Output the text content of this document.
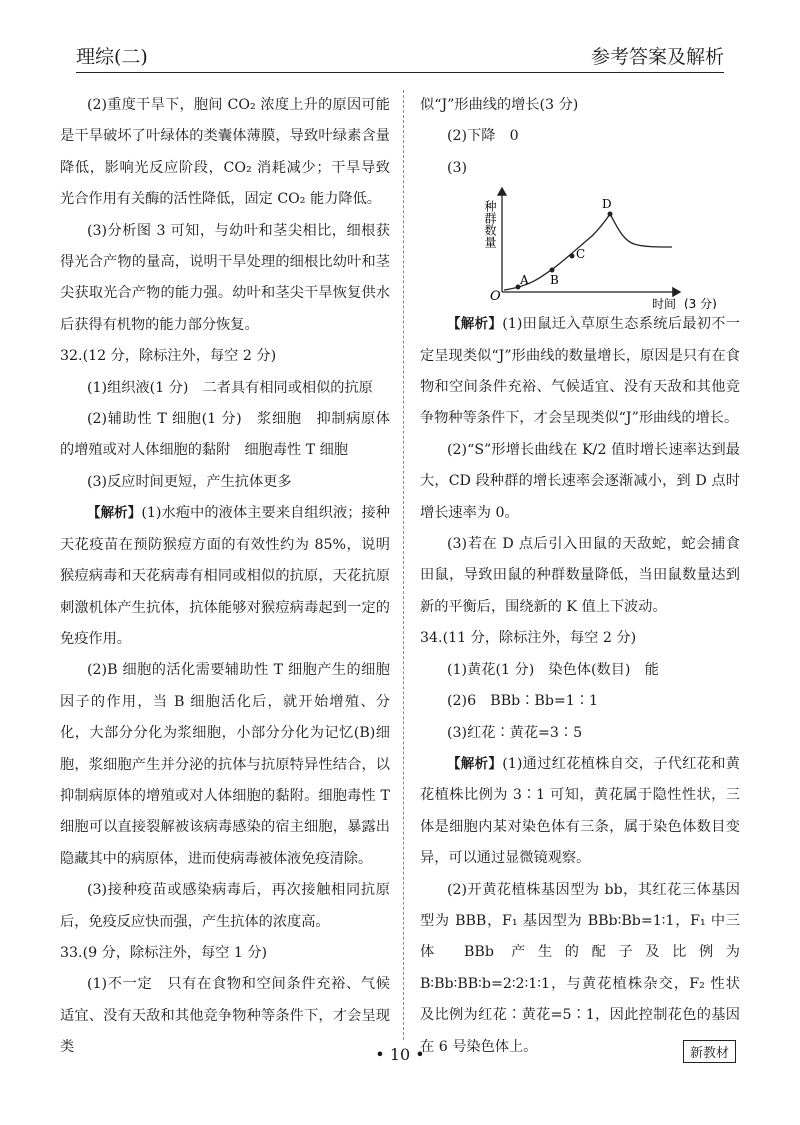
理综(二)	参考答案及解析

(2)重度干旱下，胞间 CO₂ 浓度上升的原因可能是干旱破坏了叶绿体的类囊体薄膜，导致叶绿素含量降低，影响光反应阶段，CO₂ 消耗减少；干旱导致光合作用有关酶的活性降低，固定 CO₂ 能力降低。

(3)分析图 3 可知，与幼叶和茎尖相比，细根获得光合产物的量高，说明干旱处理的细根比幼叶和茎尖获取光合产物的能力强。幼叶和茎尖干旱恢复供水后获得有机物的能力部分恢复。

32.(12 分，除标注外，每空 2 分)

(1)组织液(1 分)　二者具有相同或相似的抗原

(2)辅助性 T 细胞(1 分)　浆细胞　抑制病原体的增殖或对人体细胞的黏附　细胞毒性 T 细胞

(3)反应时间更短，产生抗体更多

【解析】(1)水疱中的液体主要来自组织液；接种天花疫苗在预防猴痘方面的有效性约为 85%，说明猴痘病毒和天花病毒有相同或相似的抗原，天花抗原刺激机体产生抗体，抗体能够对猴痘病毒起到一定的免疫作用。

(2)B 细胞的活化需要辅助性 T 细胞产生的细胞因子的作用，当 B 细胞活化后，就开始增殖、分化，大部分分化为浆细胞，小部分分化为记忆(B)细胞，浆细胞产生并分泌的抗体与抗原特异性结合，以抑制病原体的增殖或对人体细胞的黏附。细胞毒性 T 细胞可以直接裂解被该病毒感染的宿主细胞，暴露出隐藏其中的病原体，进而使病毒被体液免疫清除。

(3)接种疫苗或感染病毒后，再次接触相同抗原后，免疫反应快而强，产生抗体的浓度高。

33.(9 分，除标注外，每空 1 分)

(1)不一定　只有在食物和空间条件充裕、气候适宜、没有天敌和其他竞争物种等条件下，才会呈现类

似“J”形曲线的增长(3 分)

(2)下降　0

(3)

种群数量
O
A B
C
D
时间 (3 分)

【解析】(1)田鼠迁入草原生态系统后最初不一定呈现类似“J”形曲线的数量增长，原因是只有在食物和空间条件充裕、气候适宜、没有天敌和其他竞争物种等条件下，才会呈现类似“J”形曲线的增长。

(2)“S”形增长曲线在 K/2 值时增长速率达到最大，CD 段种群的增长速率会逐渐减小，到 D 点时增长速率为 0。

(3)若在 D 点后引入田鼠的天敌蛇，蛇会捕食田鼠，导致田鼠的种群数量降低，当田鼠数量达到新的平衡后，围绕新的 K 值上下波动。

34.(11 分，除标注外，每空 2 分)

(1)黄花(1 分)　染色体(数目)　能

(2)6　BBb∶Bb=1∶1

(3)红花∶黄花=3∶5

【解析】(1)通过红花植株自交，子代红花和黄花植株比例为 3∶1 可知，黄花属于隐性性状，三体是细胞内某对染色体有三条，属于染色体数目变异，可以通过显微镜观察。

(2)开黄花植株基因型为 bb，其红花三体基因型为 BBB，F₁ 基因型为 BBb∶Bb=1∶1，F₁ 中三体 BBb 产生的配子及比例为 B∶Bb∶BB∶b=2∶2∶1∶1，与黄花植株杂交，F₂ 性状及比例为红花∶黄花=5∶1，因此控制花色的基因在 6 号染色体上。

• 10 •	新教材
